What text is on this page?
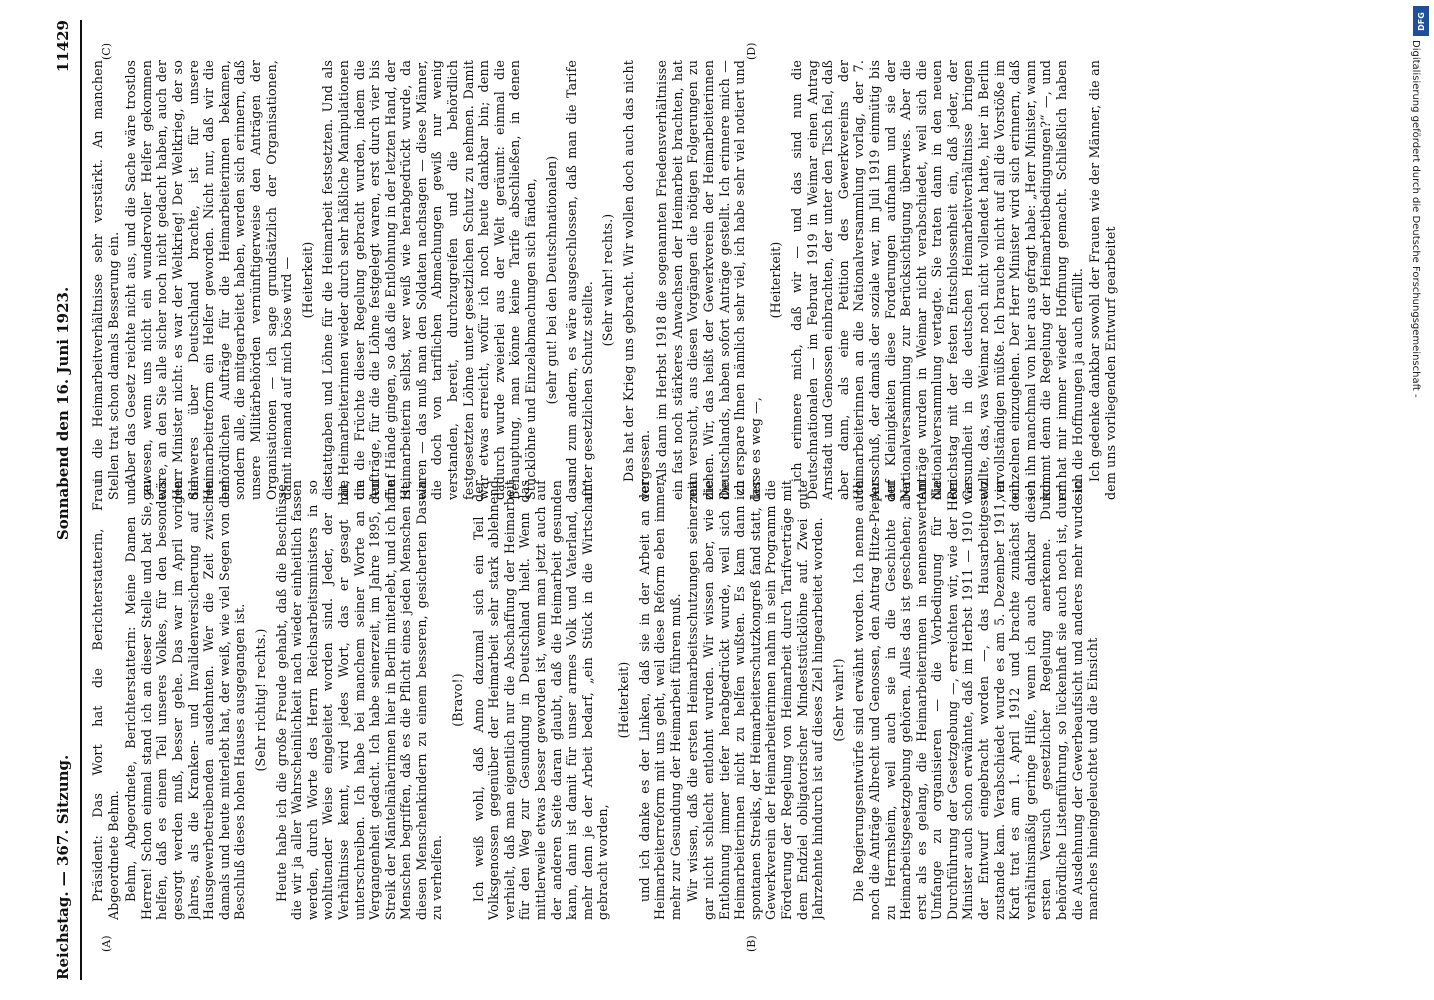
DFG
Digitalisierung gefördert durch die Deutsche Forschungsgemeinschaft -
Reichstag. — 367. Sitzung.
Sonnabend den 16. Juni 1923.
11429
(A)	(B)
(C)	(D)

Präsident: Das Wort hat die Berichterstatterin, Frau Abgeordnete Behm. Behm, Abgeordnete, Berichterstatterin: Meine Damen und Herren! Schon einmal stand ich an dieser Stelle und bat Sie, zu helfen, daß es einem Teil unseres Volkes, für den besonders gesorgt werden muß, besser gehe. Das war im April vorigen Jahres, als die Kranken- und Invalidenversicherung auf die Hausgewerbetreibenden ausdehnten. Wer die Zeit zwischen damals und heute miterlebt hat, der weiß, wie viel Segen von dem Beschluß dieses hohen Hauses ausgegangen ist. (Sehr richtig! rechts.) Heute habe ich die große Freude gehabt, daß die Beschlüsse, die wir ja aller Wahrscheinlichkeit nach wieder einheitlich fassen werden, durch Worte des Herrn Reichsarbeitsministers in so wohltuender Weise eingeleitet worden sind. Jeder, der die Verhältnisse kennt, wird jedes Wort, das er gesagt hat, unterschreiben. Ich habe bei manchem seiner Worte an die Vergangenheit gedacht. Ich habe seinerzeit, im Jahre 1895, den Streik der Mäntelnäherinnen hier in Berlin miterlebt, und ich habe Menschen begriffen, daß es die Pflicht eines jeden Menschen ist, diesen Menschenkindern zu einem besseren, gesicherten Dasein zu verhelfen.

(Bravo!) Ich weiß wohl, daß Anno dazumal sich ein Teil der Volksgenossen gegenüber der Heimarbeit sehr stark ablehnend verhielt, daß man eigentlich nur die Abschaffung der Heimarbeit für den Weg zur Gesundung in Deutschland hielt. Wenn das mittlerweile etwas besser geworden ist, wenn man jetzt auch auf der anderen Seite daran glaubt, daß die Heimarbeit gesunden kann, dann ist damit für unser armes Volk und Vaterland, das mehr denn je der Arbeit bedarf, „ein Stück in die Wirtschaft“ gebracht worden,

(Heiterkeit) und ich danke es der Linken, daß sie in der Arbeit an der Heimarbeiterreform mit uns geht, weil diese Reform eben immer mehr zur Gesundung der Heimarbeit führen muß. Wir wissen, daß die ersten Heimarbeitsschutzungen seinerzeit gar nicht schlecht entlohnt wurden. Wir wissen aber, wie die Entlohnung immer tiefer herabgedrückt wurde, weil sich die Heimarbeiterinnen nicht zu helfen wußten. Es kam dann zu spontanen Streiks, der Heimarbeiterschutzkongreß fand statt, der Gewerkverein der Heimarbeiterinnen nahm in sein Programm die Förderung der Regelung von Heimarbeit durch Tarifverträge mit dem Endziel obligatorischer Mindeststücklöhne auf. Zwei gute Jahrzehnte hindurch ist auf dieses Ziel hingearbeitet worden. (Sehr wahr!) Die Regierungsentwürfe sind erwähnt worden. Ich nenne auch noch die Anträge Albrecht und Genossen, den Antrag Hitze-Pieper zu Herrnsheim, weil auch sie in die Geschichte der Heimarbeitsgesetzgebung gehören. Alles das ist geschehen; aber erst als es gelang, die Heimarbeiterinnen in nennenswertem Umfange zu organisieren — die Vorbedingung für die Durchführung der Gesetzgebung —, erreichten wir, wie der Herr Minister auch schon erwähnte, daß im Herbst 1911 — 1910 war der Entwurf eingebracht worden —, das Hausarbeitgesetz zustande kam. Verabschiedet wurde es am 5. Dezember 1911, in Kraft trat es am 1. April 1912 und brachte zunächst doch verhältnismäßig geringe Hilfe, wenn ich auch dankbar diesen ersten Versuch gesetzlicher Regelung anerkenne. Durch behördliche Listenführung, so lückenhaft sie auch noch ist, durch die Ausdehnung der Gewerbeaufsicht und anderes mehr wurde in manches hineingeleuchtet und die Einsicht

in die Heimarbeitverhältnisse sehr verstärkt. An manchen Stellen trat schon damals Besserung ein. Aber das Gesetz reichte nicht aus, und die Sache wäre trostlos gewesen, wenn uns nicht ein wundervoller Helfer gekommen wäre, an den Sie alle sicher noch nicht gedacht haben, auch der Herr Minister nicht: es war der Weltkrieg! Der Weltkrieg, der so Schweres über Deutschland brachte, ist für unsere Heimarbeitreform ein Helfer geworden. Nicht nur, daß wir die behördlichen Aufträge für die Heimarbeiterinnen bekamen, sondern alle, die mitgearbeitet haben, werden sich erinnern, daß unsere Militärbehörden vernünftigerweise den Anträgen der Organisationen — ich sage grundsätzlich der Organisationen, damit niemand auf mich böse wird — (Heiterkeit) stattgaben und Löhne für die Heimarbeit festsetzten. Und als die Heimarbeiterinnen wieder durch sehr häßliche Manipulationen um die Früchte dieser Regelung gebracht wurden, indem die Aufträge, für die die Löhne festgelegt waren, erst durch vier bis fünf Hände gingen, so daß die Entlohnung in der letzten Hand, der Heimarbeiterin selbst, wer weiß wie herabgedrückt wurde, da waren — das muß man den Soldaten nachsagen — diese Männer, die doch von tariflichen Abmachungen gewiß nur wenig verstanden, bereit, durchzugreifen und die behördlich festgesetzten Löhne unter gesetzlichen Schutz zu nehmen. Damit war etwas erreicht, wofür ich noch heute dankbar bin; denn dadurch wurde zweierlei aus der Welt geräumt: einmal die Behauptung, man könne keine Tarife abschließen, in denen Stücklöhne und Einzelabmachungen sich fänden, (sehr gut! bei den Deutschnationalen) und zum andern, es wäre ausgeschlossen, daß man die Tarife unter gesetzlichen Schutz stellte.

(Sehr wahr! rechts.) Das hat der Krieg uns gebracht. Wir wollen doch auch das nicht vergessen. Als dann im Herbst 1918 die sogenannten Friedensverhältnisse ein fast noch stärkeres Anwachsen der Heimarbeit brachten, hat man versucht, aus diesen Vorgängen die nötigen Folgerungen zu ziehen. Wir, das heißt der Gewerkverein der Heimarbeiterinnen Deutschlands, haben sofort Anträge gestellt. Ich erinnere mich — ich erspare Ihnen nämlich sehr viel, ich habe sehr viel notiert und lasse es weg —,

(Heiterkeit) ich erinnere mich, daß wir — und das sind nun die Deutschnationalen — im Februar 1919 in Weimar einen Antrag Arnstadt und Genossen einbrachten, der unter den Tisch fiel, daß aber dann, als eine Petition des Gewerkvereins der Heimarbeiterinnen an die Nationalversammlung vorlag, der 7. Ausschuß, der damals der soziale war, im Juli 1919 einmütig bis auf Kleinigkeiten diese Forderungen aufnahm und sie der Nationalversammlung zur Berücksichtigung überwies. Aber die Anträge wurden in Weimar nicht verabschiedet, weil sich die Nationalversammlung vertagte. Sie traten dann in den neuen Reichstag mit der festen Entschlossenheit ein, daß jeder, der Gesundheit in die deutschen Heimarbeitverhältnisse bringen wollte, das, was Weimar noch nicht vollendet hatte, hier in Berlin vervollständigen müßte. Ich brauche nicht auf all die Vorstöße im einzelnen einzugehen. Der Herr Minister wird sich erinnern, daß ich ihn manchmal von hier aus gefragt habe: „Herr Minister, wann kommt denn die Regelung der Heimarbeitbedingungen?“ —, und er hat mir immer wieder Hoffnung gemacht. Schließlich haben sich die Hoffnungen ja auch erfüllt. Ich gedenke dankbar sowohl der Frauen wie der Männer, die an dem uns vorliegenden Entwurf gearbeitet
